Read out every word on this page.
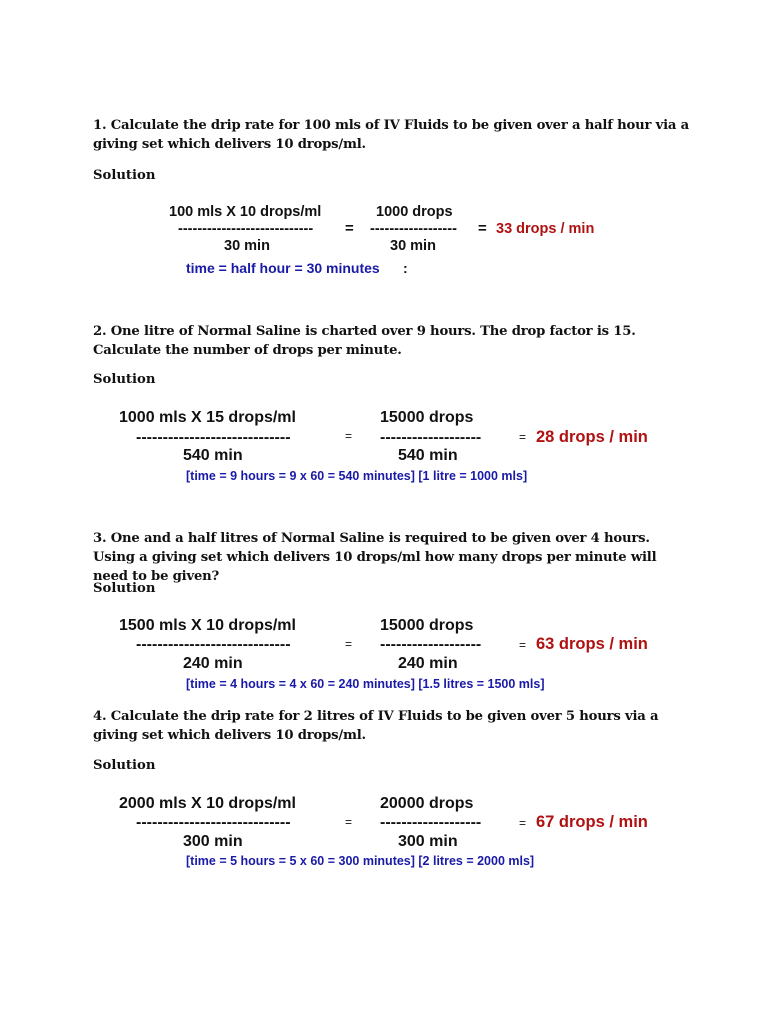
1. Calculate the drip rate for 100 mls of IV Fluids to be given over a half hour via a giving set which delivers 10 drops/ml.

Solution

100 mls X 10 drops/ml
----------------------------
30 min
=
1000 drops
------------------
30 min
= 33 drops / min
time = half hour = 30 minutes :

2. One litre of Normal Saline is charted over 9 hours. The drop factor is 15. Calculate the number of drops per minute.

Solution

1000 mls X 15 drops/ml
-----------------------------
540 min
=
15000 drops
-------------------
540 min
= 28 drops / min
[time = 9 hours = 9 x 60 = 540 minutes] [1 litre = 1000 mls]

3. One and a half litres of Normal Saline is required to be given over 4 hours. Using a giving set which delivers 10 drops/ml how many drops per minute will need to be given?

Solution

1500 mls X 10 drops/ml
-----------------------------
240 min
=
15000 drops
-------------------
240 min
= 63 drops / min
[time = 4 hours = 4 x 60 = 240 minutes] [1.5 litres = 1500 mls]

4. Calculate the drip rate for 2 litres of IV Fluids to be given over 5 hours via a giving set which delivers 10 drops/ml.

Solution

2000 mls X 10 drops/ml
-----------------------------
300 min
=
20000 drops
-------------------
300 min
= 67 drops / min
[time = 5 hours = 5 x 60 = 300 minutes] [2 litres = 2000 mls]
